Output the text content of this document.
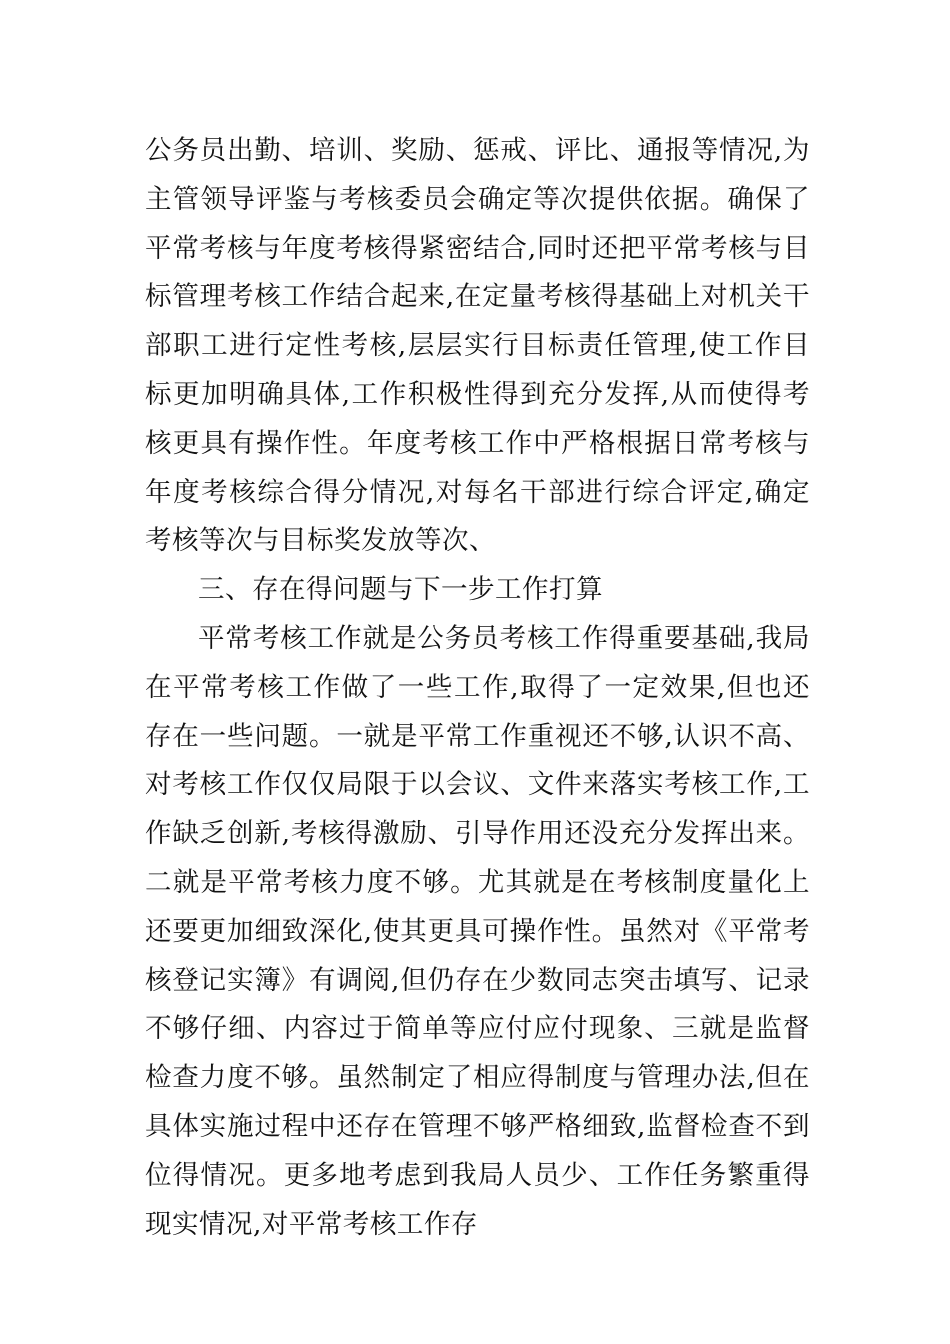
公务员出勤、培训、奖励、惩戒、评比、通报等情况,为主管领导评鉴与考核委员会确定等次提供依据。确保了平常考核与年度考核得紧密结合,同时还把平常考核与目标管理考核工作结合起来,在定量考核得基础上对机关干部职工进行定性考核,层层实行目标责任管理,使工作目标更加明确具体,工作积极性得到充分发挥,从而使得考核更具有操作性。年度考核工作中严格根据日常考核与年度考核综合得分情况,对每名干部进行综合评定,确定考核等次与目标奖发放等次、

三、存在得问题与下一步工作打算

平常考核工作就是公务员考核工作得重要基础,我局在平常考核工作做了一些工作,取得了一定效果,但也还存在一些问题。一就是平常工作重视还不够,认识不高、对考核工作仅仅局限于以会议、文件来落实考核工作,工作缺乏创新,考核得激励、引导作用还没充分发挥出来。二就是平常考核力度不够。尤其就是在考核制度量化上还要更加细致深化,使其更具可操作性。虽然对《平常考核登记实簿》有调阅,但仍存在少数同志突击填写、记录不够仔细、内容过于简单等应付应付现象、三就是监督检查力度不够。虽然制定了相应得制度与管理办法,但在具体实施过程中还存在管理不够严格细致,监督检查不到位得情况。更多地考虑到我局人员少、工作任务繁重得现实情况,对平常考核工作存
